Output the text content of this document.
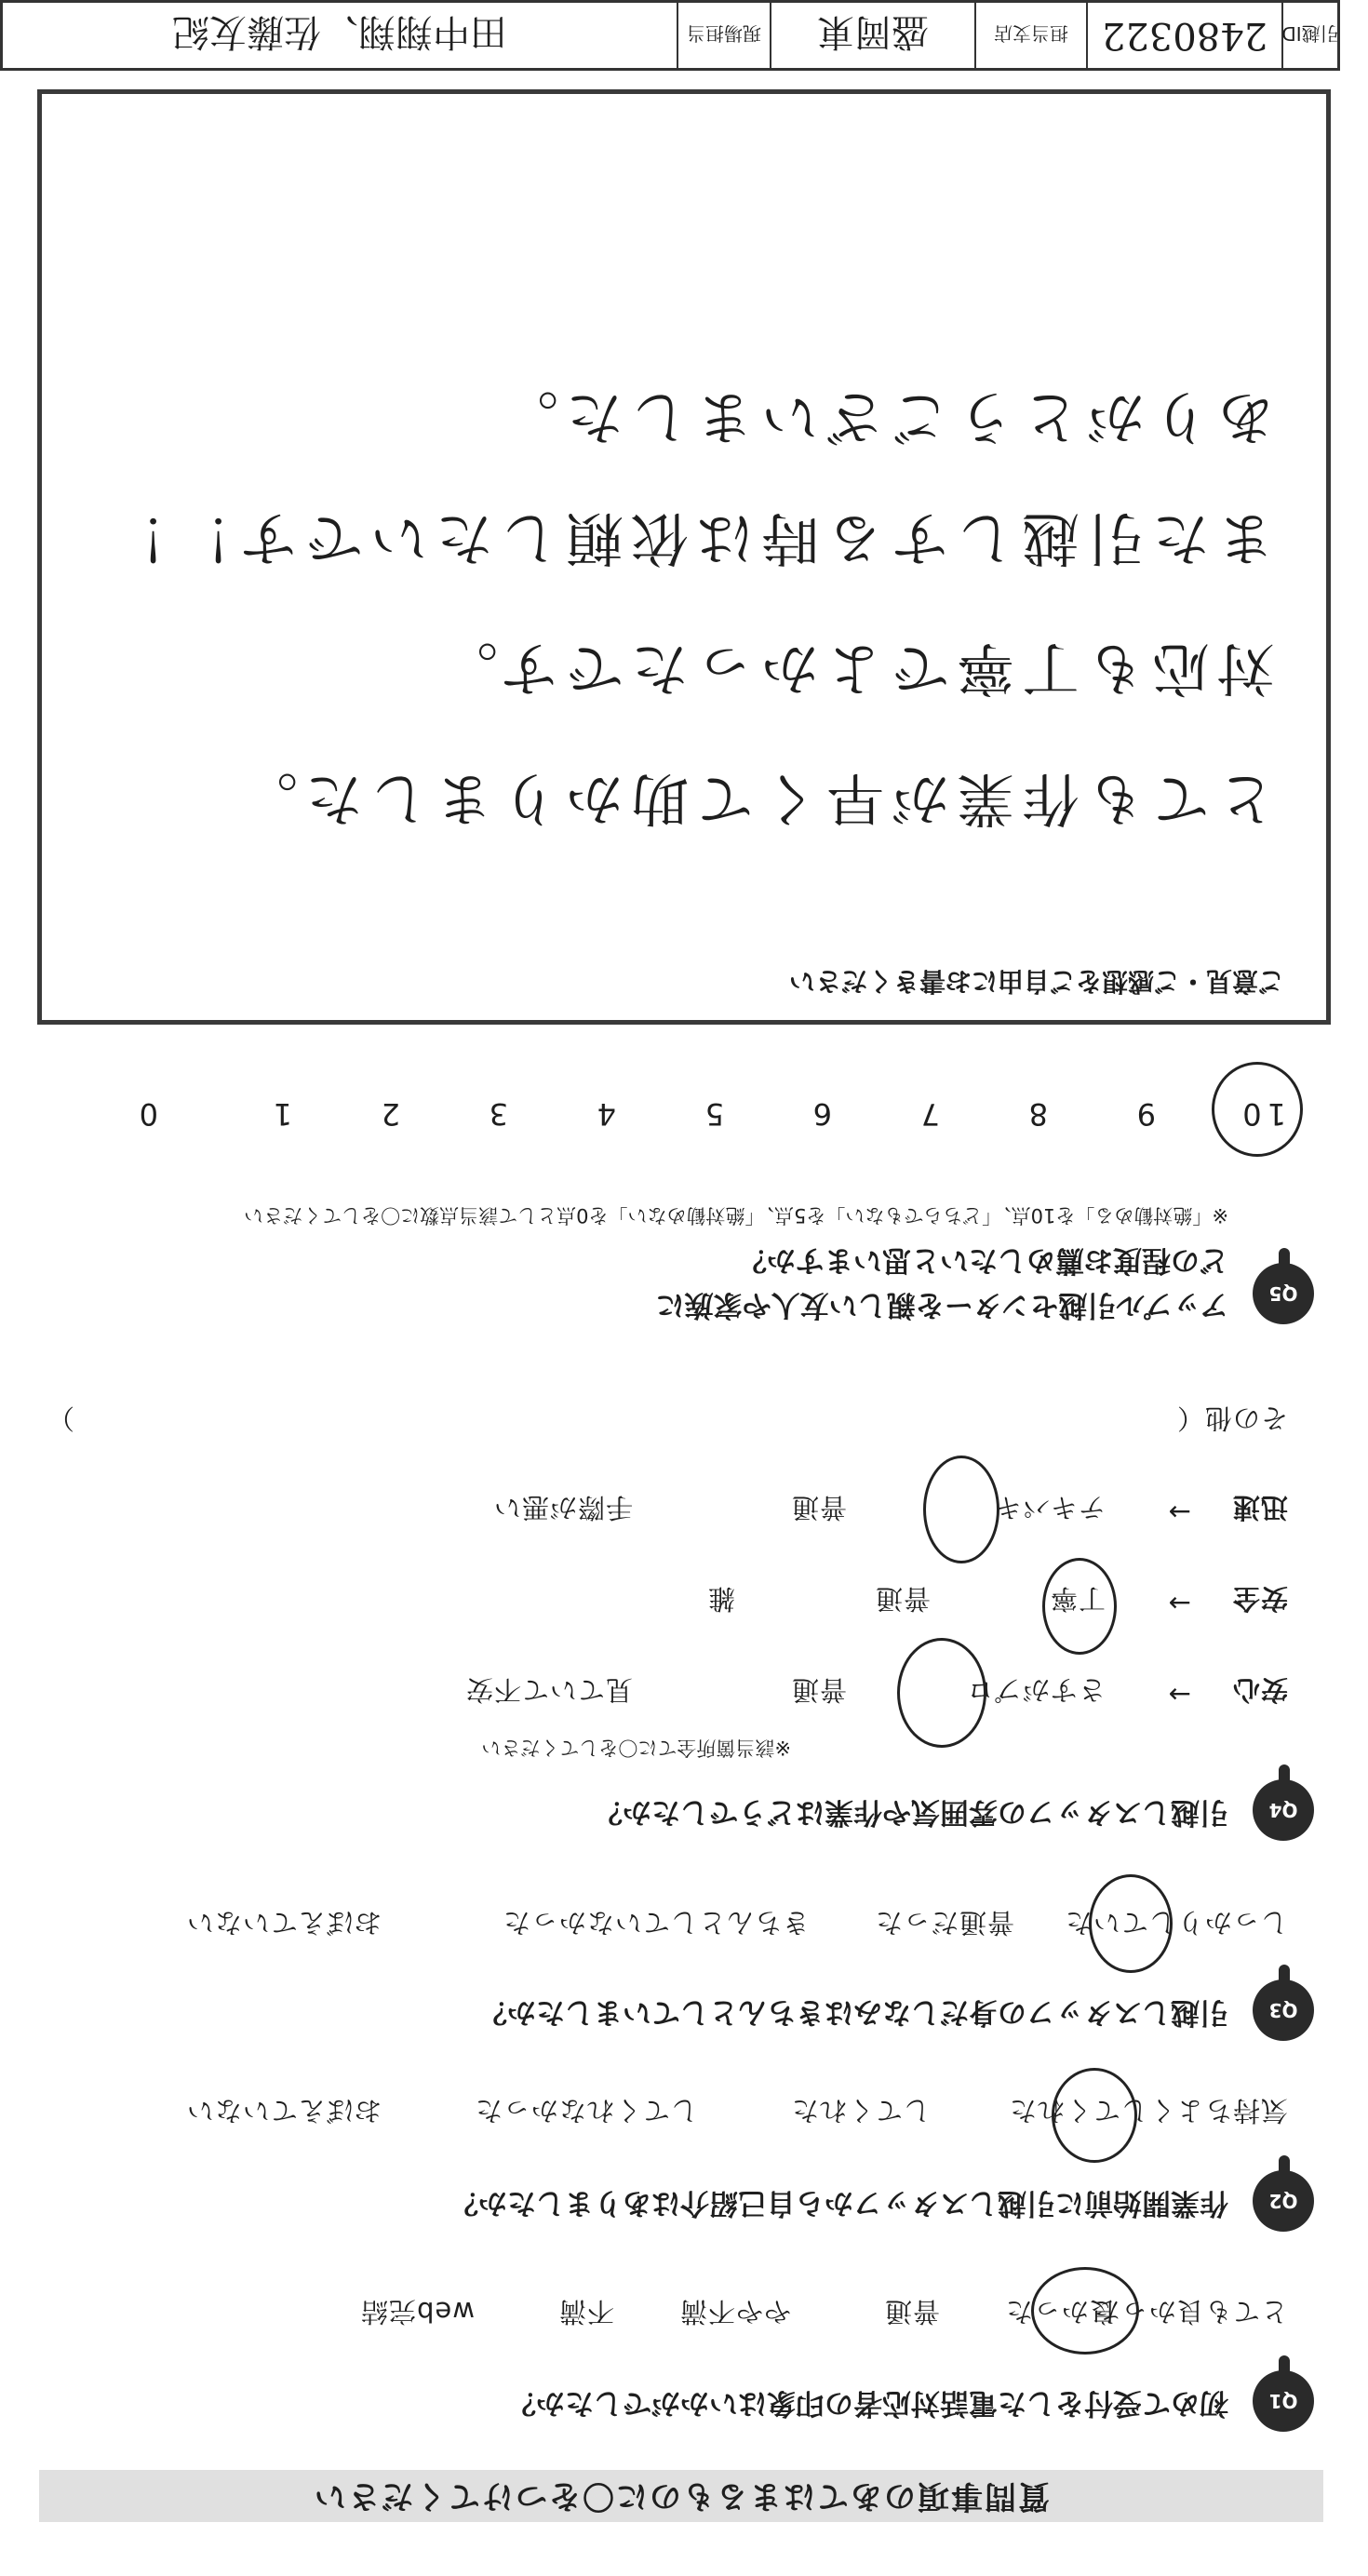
質問事項のあてはまるものに〇をつけてください
Q1
初めて受付をした電話対応者の印象はいかがでしたか？
とても良かった
良かった
普通
やや不満
不満
web完結
Q2
作業開始前に引越しスタッフから自己紹介はありましたか？
気持ちよくしてくれた
してくれた
してくれなかった
おぼえていない
Q3
引越しスタッフの身だしなみはきちんとしていましたか？
しっかりしていた
普通だった
きちんとしていなかった
おぼえていない
Q4
引越しスタッフの雰囲気や作業はどうでしたか？
※該当箇所全てに〇をしてください
安心
→
さすがプロ
普通
見ていて不安
安全
→
丁寧
普通
雑
迅速
→
テキパキ
普通
手際が悪い
その他（
）
Q5
アップル引越センターを親しい友人や家族に
どの程度お薦めしたいと思いますか？
※「絶対勧める」を10点、「どちらでもない」を5点、「絶対勧めない」を0点として該当点数に〇をしてください
10
9
8
7
6
5
4
3
2
1
0
ご意見・ご感想をご自由にお書きください
とても作業が早くて助かりました。
対応も丁寧でよかったです。
また引越しする時は依頼したいです！！
ありがとうございました。
引越ID
2480322
担当支店
盛岡東
現場担当
田中翔翔、佐藤友紀
